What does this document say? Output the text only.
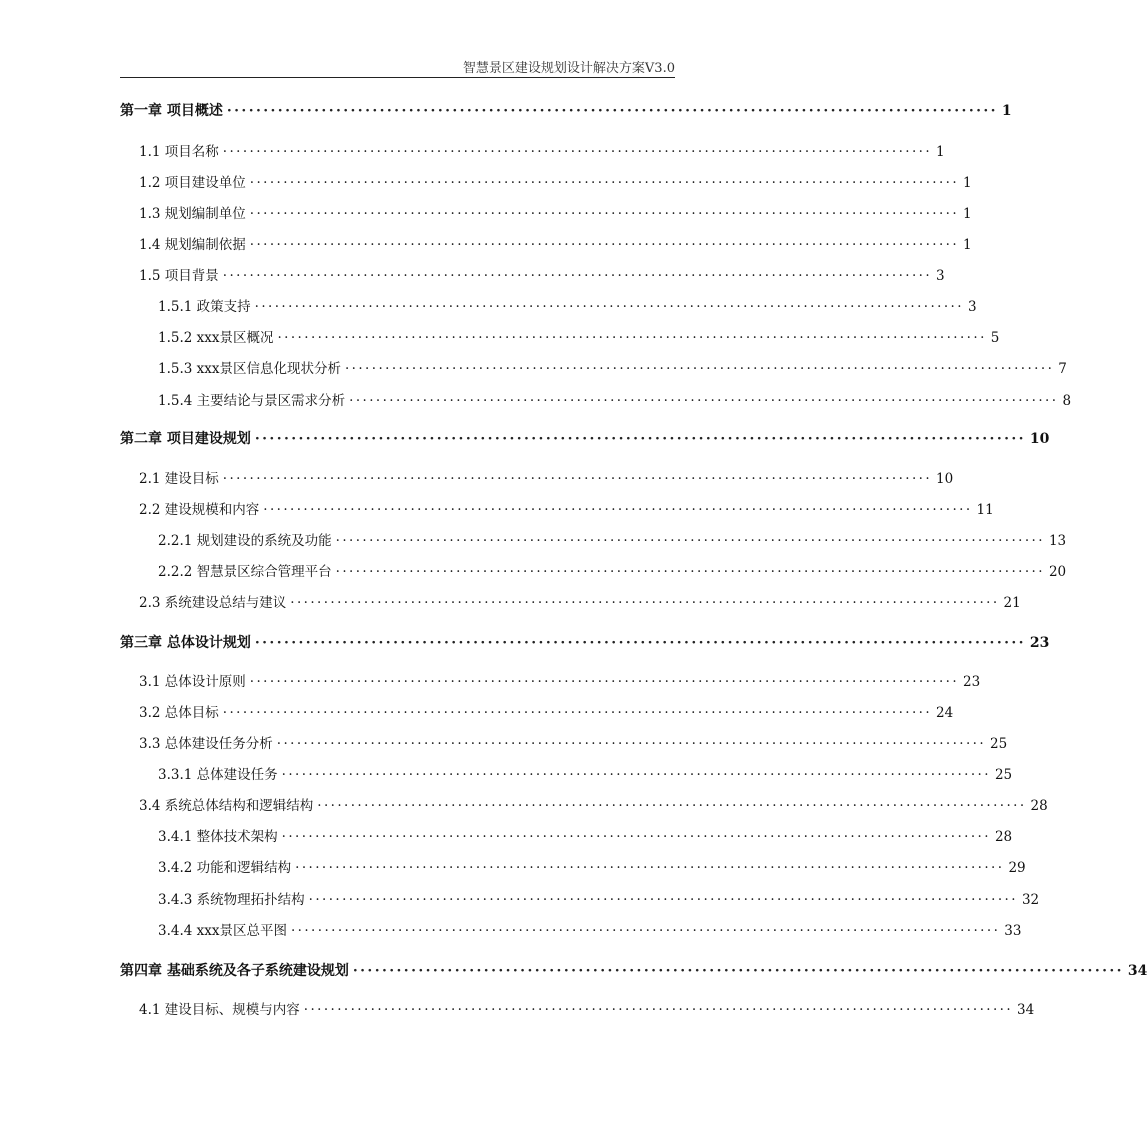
智慧景区建设规划设计解决方案V3.0
第一章 项目概述 ·········································································································· 1
1.1 项目名称 ·········································································································· 1
1.2 项目建设单位 ·········································································································· 1
1.3 规划编制单位 ·········································································································· 1
1.4 规划编制依据 ·········································································································· 1
1.5 项目背景 ·········································································································· 3
1.5.1 政策支持 ·········································································································· 3
1.5.2 xxx景区概况 ·········································································································· 5
1.5.3 xxx景区信息化现状分析 ·········································································································· 7
1.5.4 主要结论与景区需求分析 ·········································································································· 8
第二章 项目建设规划 ·········································································································· 10
2.1 建设目标 ·········································································································· 10
2.2 建设规模和内容 ·········································································································· 11
2.2.1 规划建设的系统及功能 ·········································································································· 13
2.2.2 智慧景区综合管理平台 ·········································································································· 20
2.3 系统建设总结与建议 ·········································································································· 21
第三章 总体设计规划 ·········································································································· 23
3.1 总体设计原则 ·········································································································· 23
3.2 总体目标 ·········································································································· 24
3.3 总体建设任务分析 ·········································································································· 25
3.3.1 总体建设任务 ·········································································································· 25
3.4 系统总体结构和逻辑结构 ·········································································································· 28
3.4.1 整体技术架构 ·········································································································· 28
3.4.2 功能和逻辑结构 ·········································································································· 29
3.4.3 系统物理拓扑结构 ·········································································································· 32
3.4.4 xxx景区总平图 ·········································································································· 33
第四章 基础系统及各子系统建设规划 ·········································································································· 34
4.1 建设目标、规模与内容 ·········································································································· 34
